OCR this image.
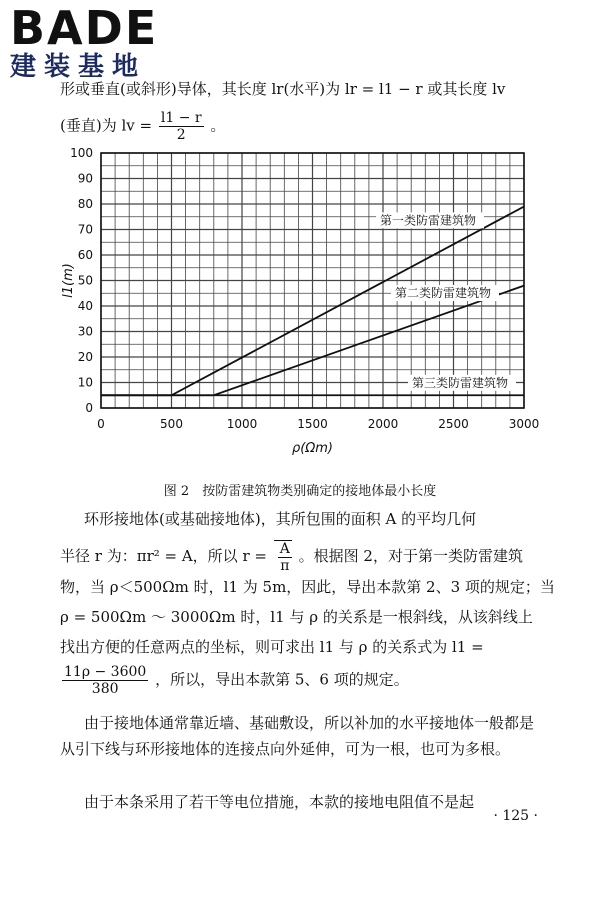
BADE
建装基地
形或垂直(或斜形)导体，其长度 lr(水平)为 lr = l1 − r 或其长度 lv
(垂直)为 lv = $\frac{l1 - r}{2}$ 。
0	500	1000	1500	2000	2500	3000
0
10
20
30
40
50
60
70
80
90
100
ρ(Ωm)
l1(m)
第一类防雷建筑物
第二类防雷建筑物
第三类防雷建筑物
图 2　按防雷建筑物类别确定的接地体最小长度
环形接地体(或基础接地体)，其所包围的面积 A 的平均几何
半径 r 为：πr² = A，所以 $r = \frac{A}{\pi}$ 。根据图 2，对于第一类防雷建筑
物，当 ρ＜500Ωm 时，l1 为 5m，因此，导出本款第 2、3 项的规定；当
ρ = 500Ωm ～ 3000Ωm 时，l1 与 ρ 的关系是一根斜线，从该斜线上
找出方便的任意两点的坐标，则可求出 l1 与 ρ 的关系式为 l1 =
$\frac{11\rho - 3600}{380}$ ，所以，导出本款第 5、6 项的规定。
由于接地体通常靠近墙、基础敷设，所以补加的水平接地体一般都是从引下线与环形接地体的连接点向外延伸，可为一根，也可为多根。
由于本条采用了若干等电位措施，本款的接地电阻值不是起
· 125 ·
